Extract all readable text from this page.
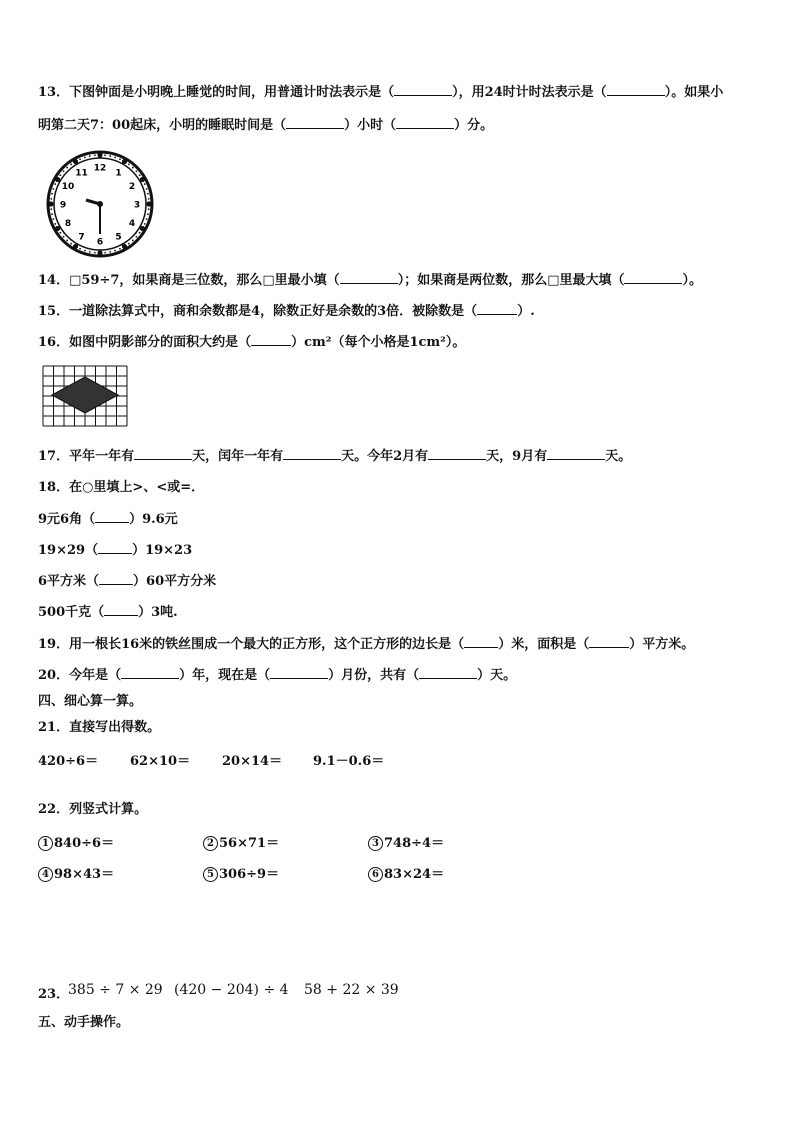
13．下图钟面是小明晚上睡觉的时间，用普通计时法表示是（	），用24时计时法表示是（	）。如果小
明第二天7：00起床，小明的睡眠时间是（	）小时（	）分。
12 1
2
3
4
5
6
7
8
9
10
11
14．□59÷7，如果商是三位数，那么□里最小填（	）；如果商是两位数，那么□里最大填（	）。
15．一道除法算式中，商和余数都是4，除数正好是余数的3倍．被除数是（	）.
16．如图中阴影部分的面积大约是（	）cm²（每个小格是1cm²）。
17．平年一年有	天，闰年一年有	天。今年2月有	天，9月有	天。
18．在○里填上>、<或=．
9元6角（	）9.6元
19×29（	）19×23
6平方米（	）60平方分米
500千克（	）3吨.
19．用一根长16米的铁丝围成一个最大的正方形，这个正方形的边长是（	）米，面积是（	）平方米。
20．今年是（	）年，现在是（	）月份，共有（	）天。
四、细心算一算。
21．直接写出得数。
420÷6＝ 62×10＝ 20×14＝ 9.1－0.6＝
22．列竖式计算。
1 840÷6＝	2 56×71＝	3 748÷4＝
4 98×43＝	5 306÷9＝	6 83×24＝
23．
385 ÷ 7 × 29 (420 − 204) ÷ 4 58 + 22 × 39
五、动手操作。
